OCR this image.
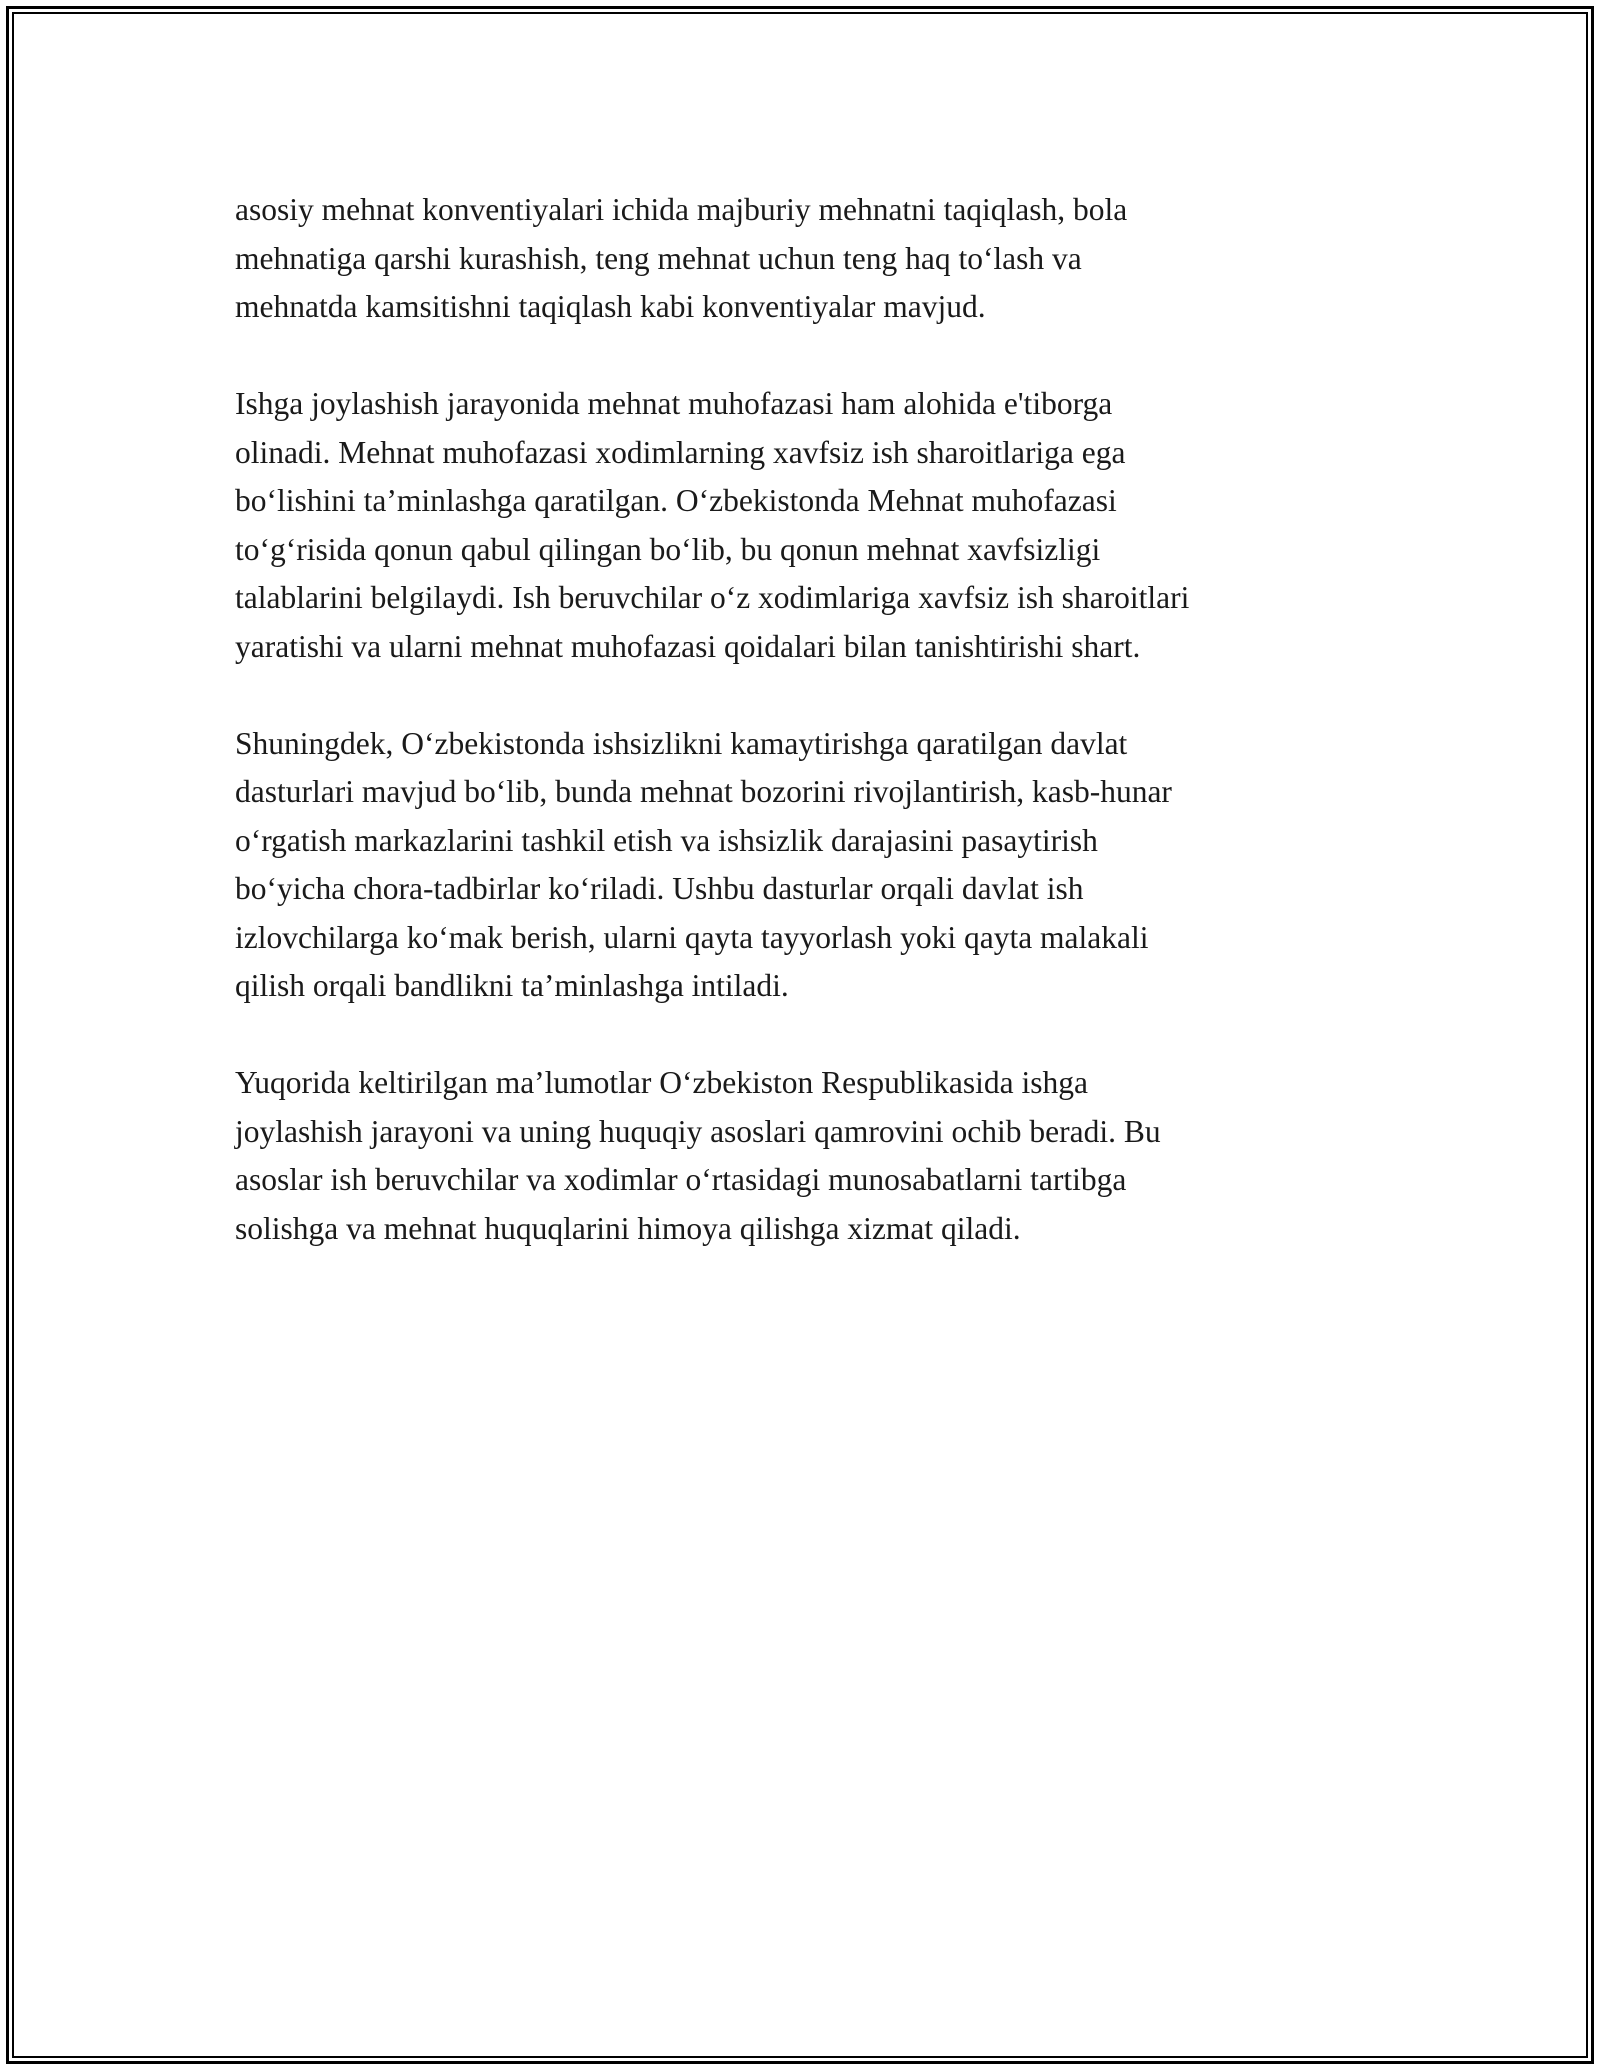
asosiy mehnat konventiyalari ichida majburiy mehnatni taqiqlash, bola
mehnatiga qarshi kurashish, teng mehnat uchun teng haq to‘lash va
mehnatda kamsitishni taqiqlash kabi konventiyalar mavjud.

Ishga joylashish jarayonida mehnat muhofazasi ham alohida e'tiborga
olinadi. Mehnat muhofazasi xodimlarning xavfsiz ish sharoitlariga ega
bo‘lishini ta’minlashga qaratilgan. O‘zbekistonda Mehnat muhofazasi
to‘g‘risida qonun qabul qilingan bo‘lib, bu qonun mehnat xavfsizligi
talablarini belgilaydi. Ish beruvchilar o‘z xodimlariga xavfsiz ish sharoitlari
yaratishi va ularni mehnat muhofazasi qoidalari bilan tanishtirishi shart.

Shuningdek, O‘zbekistonda ishsizlikni kamaytirishga qaratilgan davlat
dasturlari mavjud bo‘lib, bunda mehnat bozorini rivojlantirish, kasb-hunar
o‘rgatish markazlarini tashkil etish va ishsizlik darajasini pasaytirish
bo‘yicha chora-tadbirlar ko‘riladi. Ushbu dasturlar orqali davlat ish
izlovchilarga ko‘mak berish, ularni qayta tayyorlash yoki qayta malakali
qilish orqali bandlikni ta’minlashga intiladi.

Yuqorida keltirilgan ma’lumotlar O‘zbekiston Respublikasida ishga
joylashish jarayoni va uning huquqiy asoslari qamrovini ochib beradi. Bu
asoslar ish beruvchilar va xodimlar o‘rtasidagi munosabatlarni tartibga
solishga va mehnat huquqlarini himoya qilishga xizmat qiladi.
